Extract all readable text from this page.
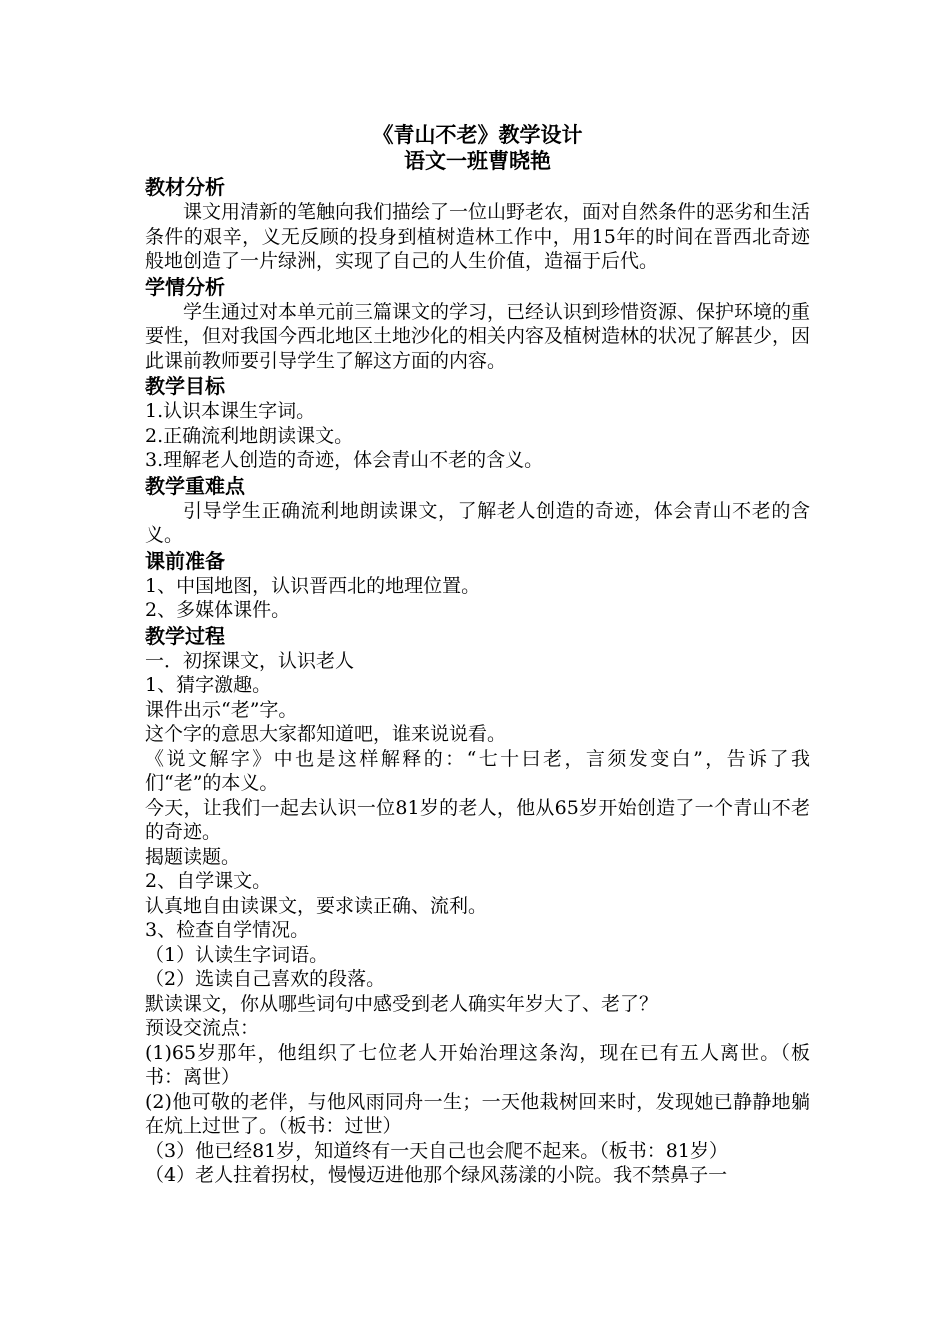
《青山不老》教学设计

语文一班曹晓艳

教材分析

课文用清新的笔触向我们描绘了一位山野老农，面对自然条件的恶劣和生活条件的艰辛，义无反顾的投身到植树造林工作中，用15年的时间在晋西北奇迹般地创造了一片绿洲，实现了自己的人生价值，造福于后代。

学情分析

学生通过对本单元前三篇课文的学习，已经认识到珍惜资源、保护环境的重要性，但对我国今西北地区土地沙化的相关内容及植树造林的状况了解甚少，因此课前教师要引导学生了解这方面的内容。

教学目标

1.认识本课生字词。

2.正确流利地朗读课文。

3.理解老人创造的奇迹，体会青山不老的含义。

教学重难点

引导学生正确流利地朗读课文，了解老人创造的奇迹，体会青山不老的含义。

课前准备

1、中国地图，认识晋西北的地理位置。

2、多媒体课件。

教学过程

一．初探课文，认识老人

1、猜字激趣。

课件出示“老”字。

这个字的意思大家都知道吧，谁来说说看。

《说文解字》中也是这样解释的：“七十曰老，言须发变白”，告诉了我们“老”的本义。

今天，让我们一起去认识一位81岁的老人，他从65岁开始创造了一个青山不老的奇迹。

揭题读题。

2、自学课文。

认真地自由读课文，要求读正确、流利。

3、检查自学情况。

（1）认读生字词语。

（2）选读自己喜欢的段落。

默读课文，你从哪些词句中感受到老人确实年岁大了、老了？

预设交流点：

(1)65岁那年，他组织了七位老人开始治理这条沟，现在已有五人离世。（板书：离世）

(2)他可敬的老伴，与他风雨同舟一生；一天他栽树回来时，发现她已静静地躺在炕上过世了。（板书：过世）

（3）他已经81岁，知道终有一天自己也会爬不起来。（板书：81岁）

（4）老人拄着拐杖，慢慢迈进他那个绿风荡漾的小院。我不禁鼻子一
